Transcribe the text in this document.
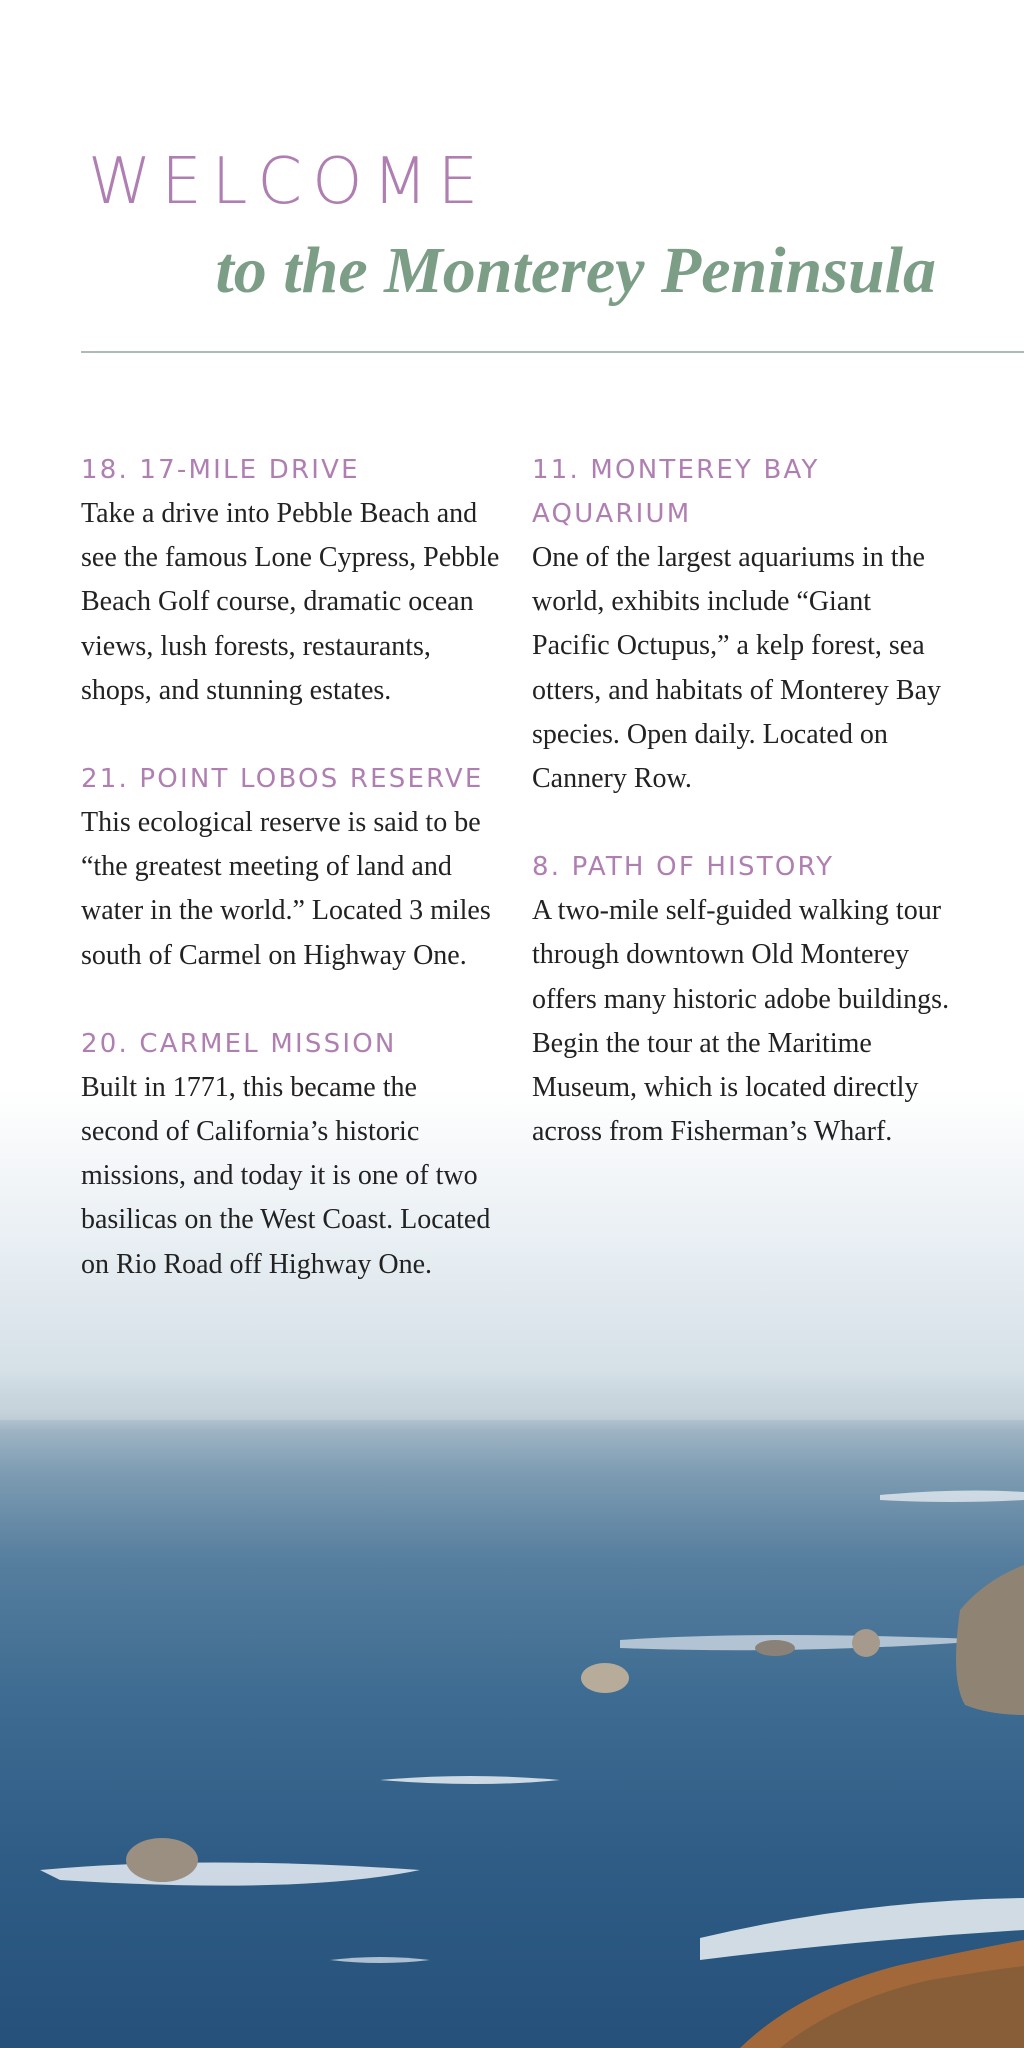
WELCOME
to the Monterey Peninsula

18. 17-MILE DRIVE

Take a drive into Pebble Beach and see the famous Lone Cypress, Pebble Beach Golf course, dramatic ocean views, lush forests, restaurants, shops, and stunning estates.

21. POINT LOBOS RESERVE

This ecological reserve is said to be “the greatest meeting of land and water in the world.” Located 3 miles south of Carmel on Highway One.

20. CARMEL MISSION

Built in 1771, this became the second of California’s historic missions, and today it is one of two basilicas on the West Coast. Located on Rio Road off Highway One.

11. MONTEREY BAY AQUARIUM

One of the largest aquariums in the world, exhibits include “Giant Pacific Octupus,” a kelp forest, sea otters, and habitats of Monterey Bay species. Open daily. Located on Cannery Row.

8. PATH OF HISTORY

A two-mile self-guided walking tour through downtown Old Monterey offers many historic adobe buildings. Begin the tour at the Maritime Museum, which is located directly across from Fisherman’s Wharf.
